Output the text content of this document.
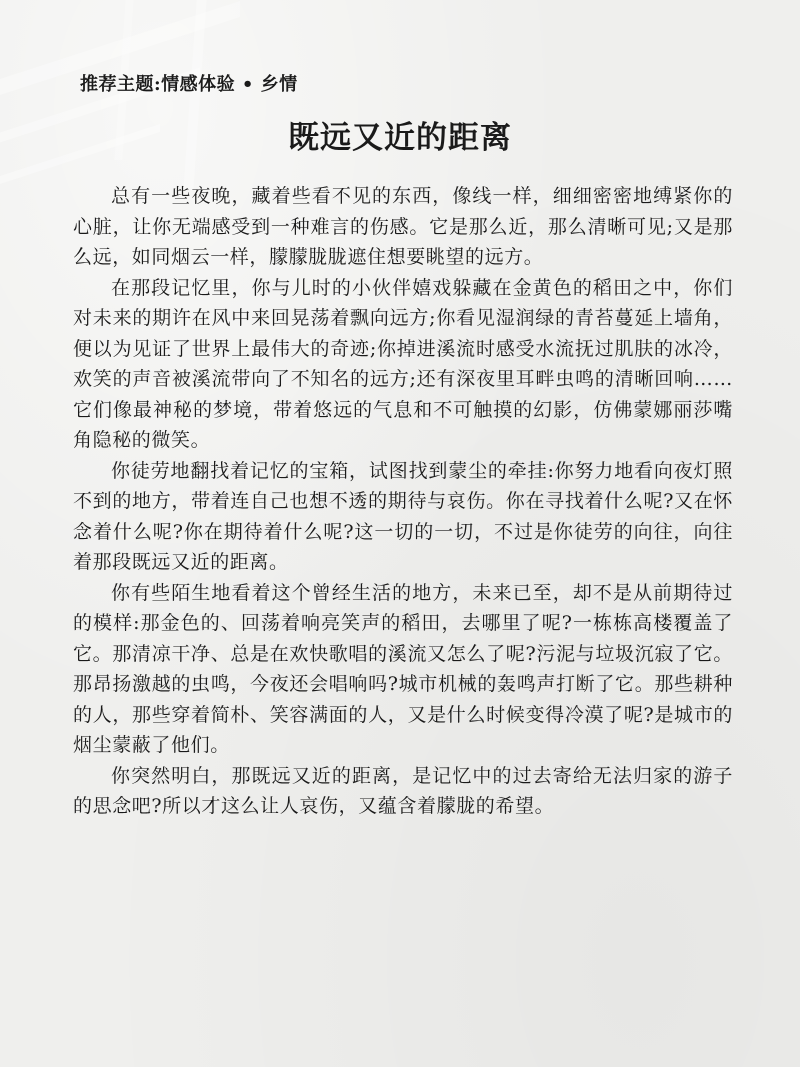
推荐主题:情感体验 • 乡情
既远又近的距离

总有一些夜晚，藏着些看不见的东西，像线一样，细细密密地缚紧你的心脏，让你无端感受到一种难言的伤感。它是那么近，那么清晰可见;又是那么远，如同烟云一样，朦朦胧胧遮住想要眺望的远方。

在那段记忆里，你与儿时的小伙伴嬉戏躲藏在金黄色的稻田之中，你们对未来的期许在风中来回晃荡着飘向远方;你看见湿润绿的青苔蔓延上墙角，便以为见证了世界上最伟大的奇迹;你掉进溪流时感受水流抚过肌肤的冰冷，欢笑的声音被溪流带向了不知名的远方;还有深夜里耳畔虫鸣的清晰回响……它们像最神秘的梦境，带着悠远的气息和不可触摸的幻影，仿佛蒙娜丽莎嘴角隐秘的微笑。

你徒劳地翻找着记忆的宝箱，试图找到蒙尘的牵挂:你努力地看向夜灯照不到的地方，带着连自己也想不透的期待与哀伤。你在寻找着什么呢?又在怀念着什么呢?你在期待着什么呢?这一切的一切，不过是你徒劳的向往，向往着那段既远又近的距离。

你有些陌生地看着这个曾经生活的地方，未来已至，却不是从前期待过的模样:那金色的、回荡着响亮笑声的稻田，去哪里了呢?一栋栋高楼覆盖了它。那清凉干净、总是在欢快歌唱的溪流又怎么了呢?污泥与垃圾沉寂了它。那昂扬激越的虫鸣，今夜还会唱响吗?城市机械的轰鸣声打断了它。那些耕种的人，那些穿着简朴、笑容满面的人，又是什么时候变得冷漠了呢?是城市的烟尘蒙蔽了他们。

你突然明白，那既远又近的距离，是记忆中的过去寄给无法归家的游子的思念吧?所以才这么让人哀伤，又蕴含着朦胧的希望。
